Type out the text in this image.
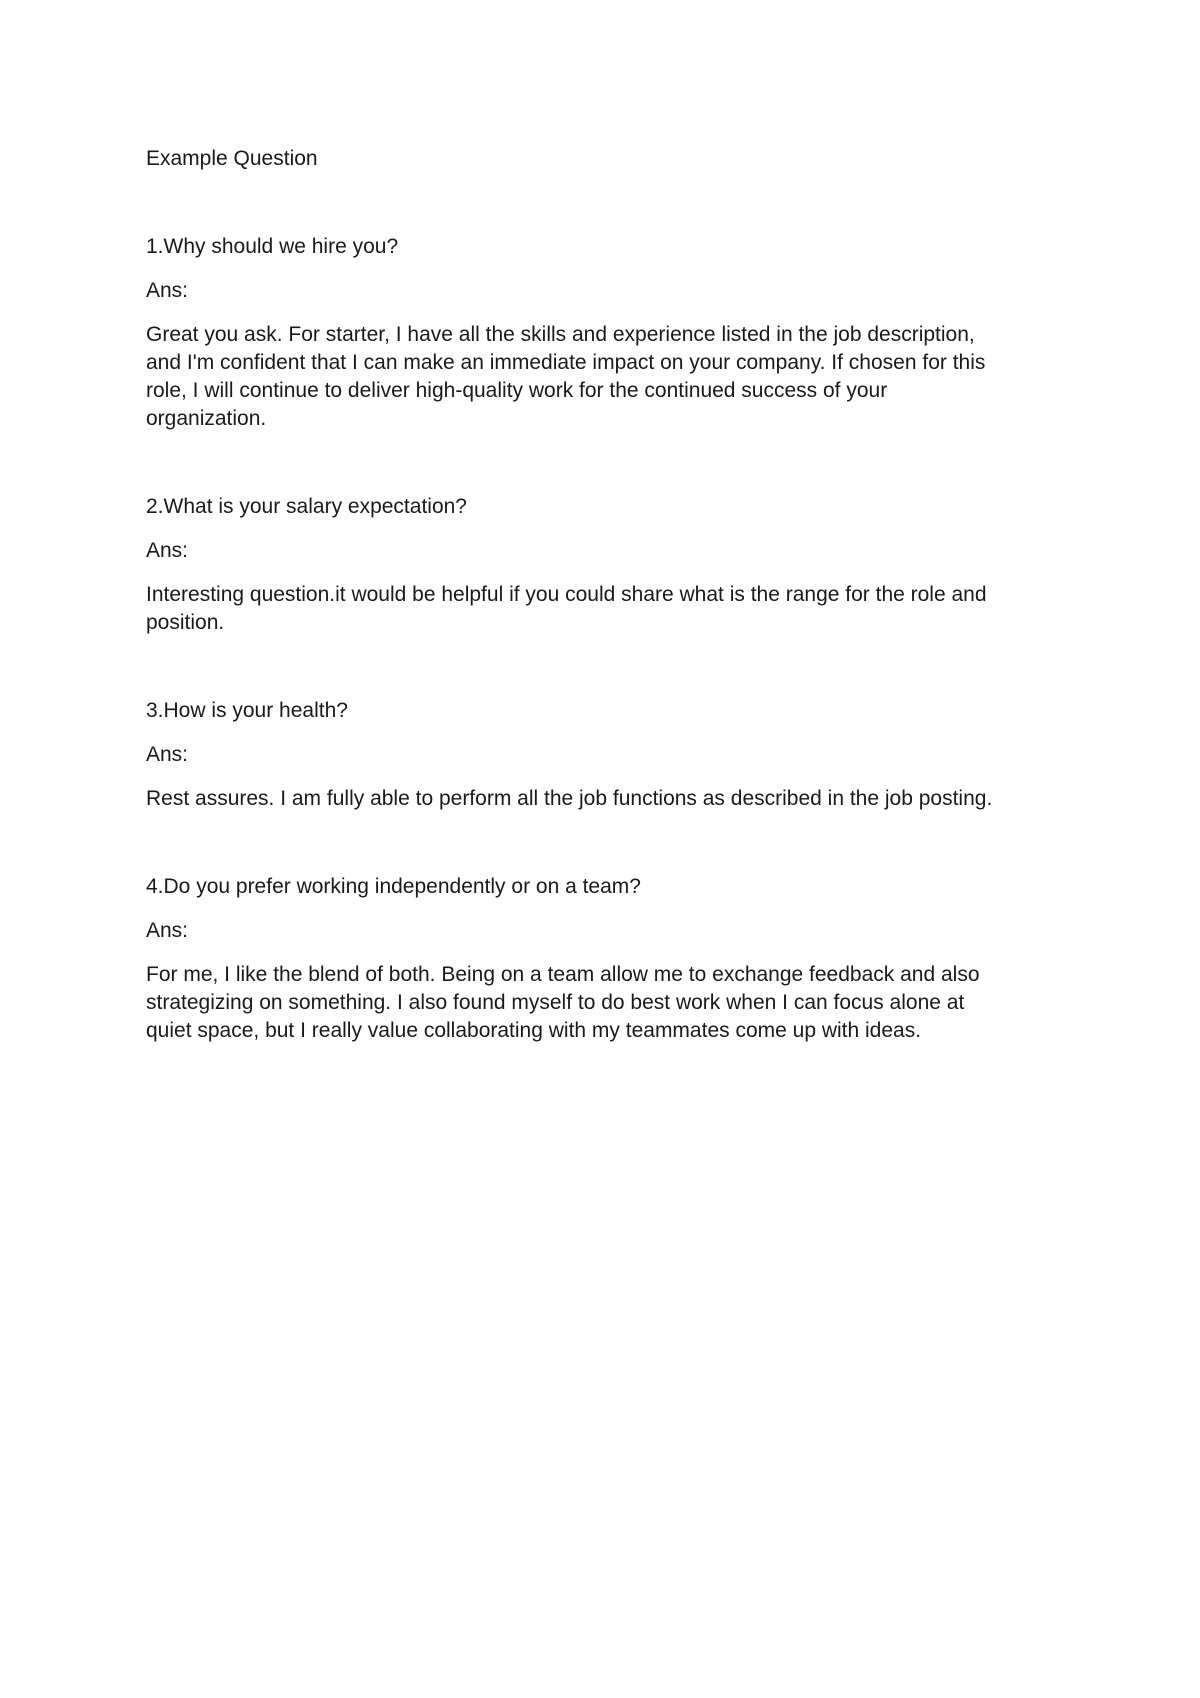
Example Question

1.Why should we hire you?

Ans:

Great you ask. For starter, I have all the skills and experience listed in the job description,
and I'm confident that I can make an immediate impact on your company. If chosen for this
role, I will continue to deliver high-quality work for the continued success of your
organization.

2.What is your salary expectation?

Ans:

Interesting question.it would be helpful if you could share what is the range for the role and
position.

3.How is your health?

Ans:

Rest assures. I am fully able to perform all the job functions as described in the job posting.

4.Do you prefer working independently or on a team?

Ans:

For me, I like the blend of both. Being on a team allow me to exchange feedback and also
strategizing on something. I also found myself to do best work when I can focus alone at
quiet space, but I really value collaborating with my teammates come up with ideas.
